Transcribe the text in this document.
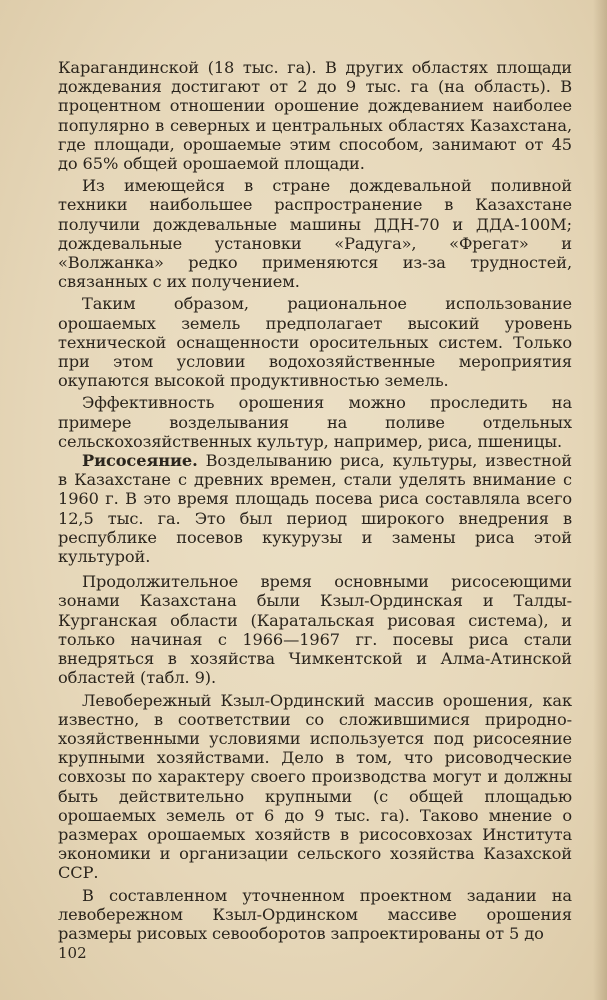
Карагандинской (18 тыс. га). В других областях площади дождевания достигают от 2 до 9 тыс. га (на область). В процентном отношении орошение дождеванием наиболее популярно в северных и центральных областях Казахстана, где площади, орошаемые этим способом, занимают от 45 до 65% общей орошаемой площади.

Из имеющейся в стране дождевальной поливной техники наибольшее распространение в Казахстане получили дождевальные машины ДДН-70 и ДДА-100М; дождевальные установки «Радуга», «Фрегат» и «Волжанка» редко применяются из-за трудностей, связанных с их получением.

Таким образом, рациональное использование орошаемых земель предполагает высокий уровень технической оснащенности оросительных систем. Только при этом условии водохозяйственные мероприятия окупаются высокой продуктивностью земель.

Эффективность орошения можно проследить на примере возделывания на поливе отдельных сельскохозяйственных культур, например, риса, пшеницы.

Рисосеяние. Возделыванию риса, культуры, известной в Казахстане с древних времен, стали уделять внимание с 1960 г. В это время площадь посева риса составляла всего 12,5 тыс. га. Это был период широкого внедрения в республике посевов кукурузы и замены риса этой культурой.

Продолжительное время основными рисосеющими зонами Казахстана были Кзыл-Ординская и Талды-Курганская области (Каратальская рисовая система), и только начиная с 1966—1967 гг. посевы риса стали внедряться в хозяйства Чимкентской и Алма-Атинской областей (табл. 9).

Левобережный Кзыл-Ординский массив орошения, как известно, в соответствии со сложившимися природно-хозяйственными условиями используется под рисосеяние крупными хозяйствами. Дело в том, что рисоводческие совхозы по характеру своего производства могут и должны быть действительно крупными (с общей площадью орошаемых земель от 6 до 9 тыс. га). Таково мнение о размерах орошаемых хозяйств в рисосовхозах Института экономики и организации сельского хозяйства Казахской ССР.

В составленном уточненном проектном задании на левобережном Кзыл-Ординском массиве орошения размеры рисовых севооборотов запроектированы от 5 до

102
